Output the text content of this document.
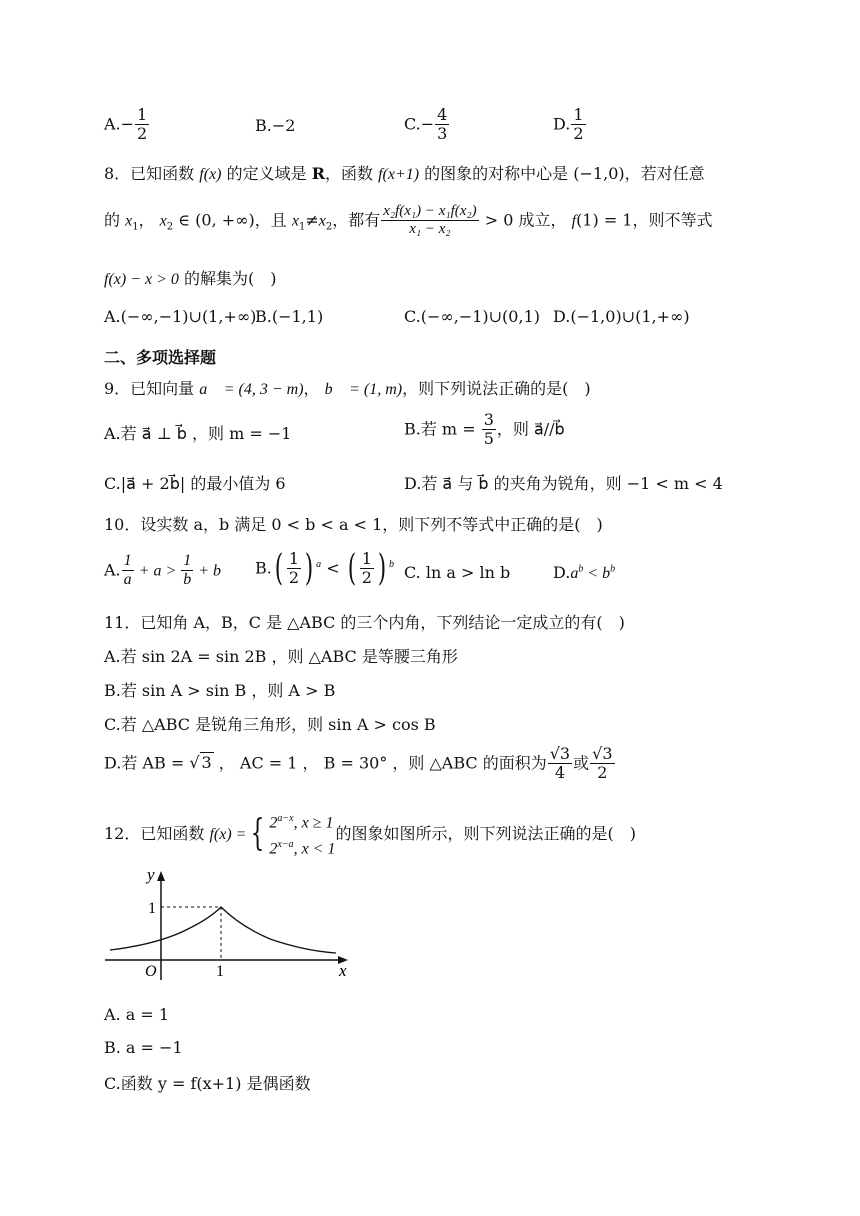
$A.- \frac{1}{2}$	B.−2	$C.- \frac{4}{3}$	D. $\frac{1}{2}$
8．已知函数 f(x) 的定义域是 R，函数 f(x+1) 的图象的对称中心是 (−1,0)，若对任意
的 $x_1$， $x_2$ ∈ (0, +∞)，且 $x_1\ne x_2$，都有 $\frac{\text{x₂f(x₁) − x₁f(x₂)}}{\text{x₁ − x₂}} > 0$ 成立， f(1) = 1，则不等式
f(x) − x > 0 的解集为(　)
A.(−∞,−1)∪(1,+∞)
B.(−1,1)	C.(−∞,−1)∪(0,1) D.(−1,0)∪(1,+∞)
二、多项选择题
9．已知向量 a⃗ = (4, 3 − m)， b⃗ = (1, m)，则下列说法正确的是(　)
A.若 a⃗ ⊥ b⃗ ，则 m = −1	B.若 $m = \frac{3}{5}$ ，则 a⃗//b⃗
C.|a⃗ + 2b⃗| 的最小值为 6	D.若 a⃗ 与 b⃗ 的夹角为锐角，则 −1 < m < 4
10．设实数 a，b 满足 0 < b < a < 1，则下列不等式中正确的是(　)
A. $\frac{1}{a} + a > \frac{1}{b} + b$ $B.( \frac{1}{2}$ ) $^a$ < ( $\frac{1}{2}$ ) $^b$ C. ln a > ln b	$D.a^b < b^b$
11．已知角 A，B，C 是 △ABC 的三个内角，下列结论一定成立的有(　)
A.若 sin 2A = sin 2B ，则 △ABC 是等腰三角形
B.若 sin A > sin B ，则 A > B
C.若 △ABC 是锐角三角形，则 sin A > cos B
D.若 AB = √ 3 ， AC = 1 ， B = 30° ，则 △ABC 的面积为 $\frac{√3}{4}$ 或 $\frac{√3}{2}$
12．已知函数 f(x) = { $2^{a-x}$, x ≥ 1
$2^{x-a}$, x < 1
的图象如图所示，则下列说法正确的是(　)
y
x
O	1
1
A. a = 1
B. a = −1
C.函数 y = f(x+1) 是偶函数
